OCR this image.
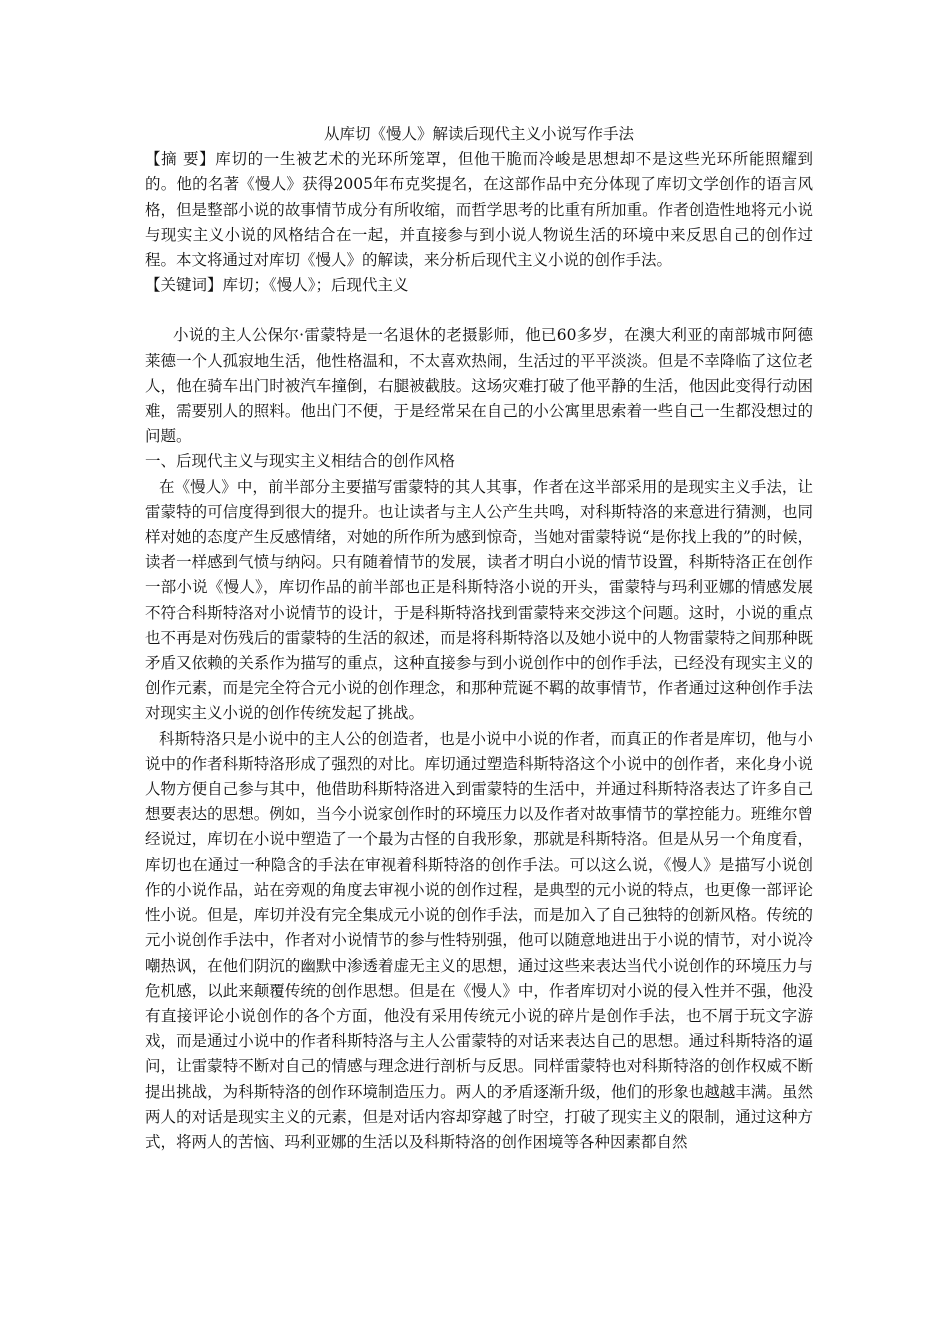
从库切《慢人》解读后现代主义小说写作手法

【摘 要】库切的一生被艺术的光环所笼罩，但他干脆而冷峻是思想却不是这些光环所能照耀到的。他的名著《慢人》获得2005年布克奖提名，在这部作品中充分体现了库切文学创作的语言风格，但是整部小说的故事情节成分有所收缩，而哲学思考的比重有所加重。作者创造性地将元小说与现实主义小说的风格结合在一起，并直接参与到小说人物说生活的环境中来反思自己的创作过程。本文将通过对库切《慢人》的解读，来分析后现代主义小说的创作手法。

【关键词】库切；《慢人》；后现代主义

小说的主人公保尔·雷蒙特是一名退休的老摄影师，他已60多岁，在澳大利亚的南部城市阿德莱德一个人孤寂地生活，他性格温和，不太喜欢热闹，生活过的平平淡淡。但是不幸降临了这位老人，他在骑车出门时被汽车撞倒，右腿被截肢。这场灾难打破了他平静的生活，他因此变得行动困难，需要别人的照料。他出门不便，于是经常呆在自己的小公寓里思索着一些自己一生都没想过的问题。

一、后现代主义与现实主义相结合的创作风格

在《慢人》中，前半部分主要描写雷蒙特的其人其事，作者在这半部采用的是现实主义手法，让雷蒙特的可信度得到很大的提升。也让读者与主人公产生共鸣，对科斯特洛的来意进行猜测，也同样对她的态度产生反感情绪，对她的所作所为感到惊奇，当她对雷蒙特说“是你找上我的”的时候，读者一样感到气愤与纳闷。只有随着情节的发展，读者才明白小说的情节设置，科斯特洛正在创作一部小说《慢人》，库切作品的前半部也正是科斯特洛小说的开头，雷蒙特与玛利亚娜的情感发展不符合科斯特洛对小说情节的设计，于是科斯特洛找到雷蒙特来交涉这个问题。这时，小说的重点也不再是对伤残后的雷蒙特的生活的叙述，而是将科斯特洛以及她小说中的人物雷蒙特之间那种既矛盾又依赖的关系作为描写的重点，这种直接参与到小说创作中的创作手法，已经没有现实主义的创作元素，而是完全符合元小说的创作理念，和那种荒诞不羁的故事情节，作者通过这种创作手法对现实主义小说的创作传统发起了挑战。

科斯特洛只是小说中的主人公的创造者，也是小说中小说的作者，而真正的作者是库切，他与小说中的作者科斯特洛形成了强烈的对比。库切通过塑造科斯特洛这个小说中的创作者，来化身小说人物方便自己参与其中，他借助科斯特洛进入到雷蒙特的生活中，并通过科斯特洛表达了许多自己想要表达的思想。例如，当今小说家创作时的环境压力以及作者对故事情节的掌控能力。班维尔曾经说过，库切在小说中塑造了一个最为古怪的自我形象，那就是科斯特洛。但是从另一个角度看，库切也在通过一种隐含的手法在审视着科斯特洛的创作手法。可以这么说，《慢人》是描写小说创作的小说作品，站在旁观的角度去审视小说的创作过程，是典型的元小说的特点，也更像一部评论性小说。但是，库切并没有完全集成元小说的创作手法，而是加入了自己独特的创新风格。传统的元小说创作手法中，作者对小说情节的参与性特别强，他可以随意地进出于小说的情节，对小说冷嘲热讽，在他们阴沉的幽默中渗透着虚无主义的思想，通过这些来表达当代小说创作的环境压力与危机感，以此来颠覆传统的创作思想。但是在《慢人》中，作者库切对小说的侵入性并不强，他没有直接评论小说创作的各个方面，他没有采用传统元小说的碎片是创作手法，也不屑于玩文字游戏，而是通过小说中的作者科斯特洛与主人公雷蒙特的对话来表达自己的思想。通过科斯特洛的逼问，让雷蒙特不断对自己的情感与理念进行剖析与反思。同样雷蒙特也对科斯特洛的创作权威不断提出挑战，为科斯特洛的创作环境制造压力。两人的矛盾逐渐升级，他们的形象也越越丰满。虽然两人的对话是现实主义的元素，但是对话内容却穿越了时空，打破了现实主义的限制，通过这种方式，将两人的苦恼、玛利亚娜的生活以及科斯特洛的创作困境等各种因素都自然
